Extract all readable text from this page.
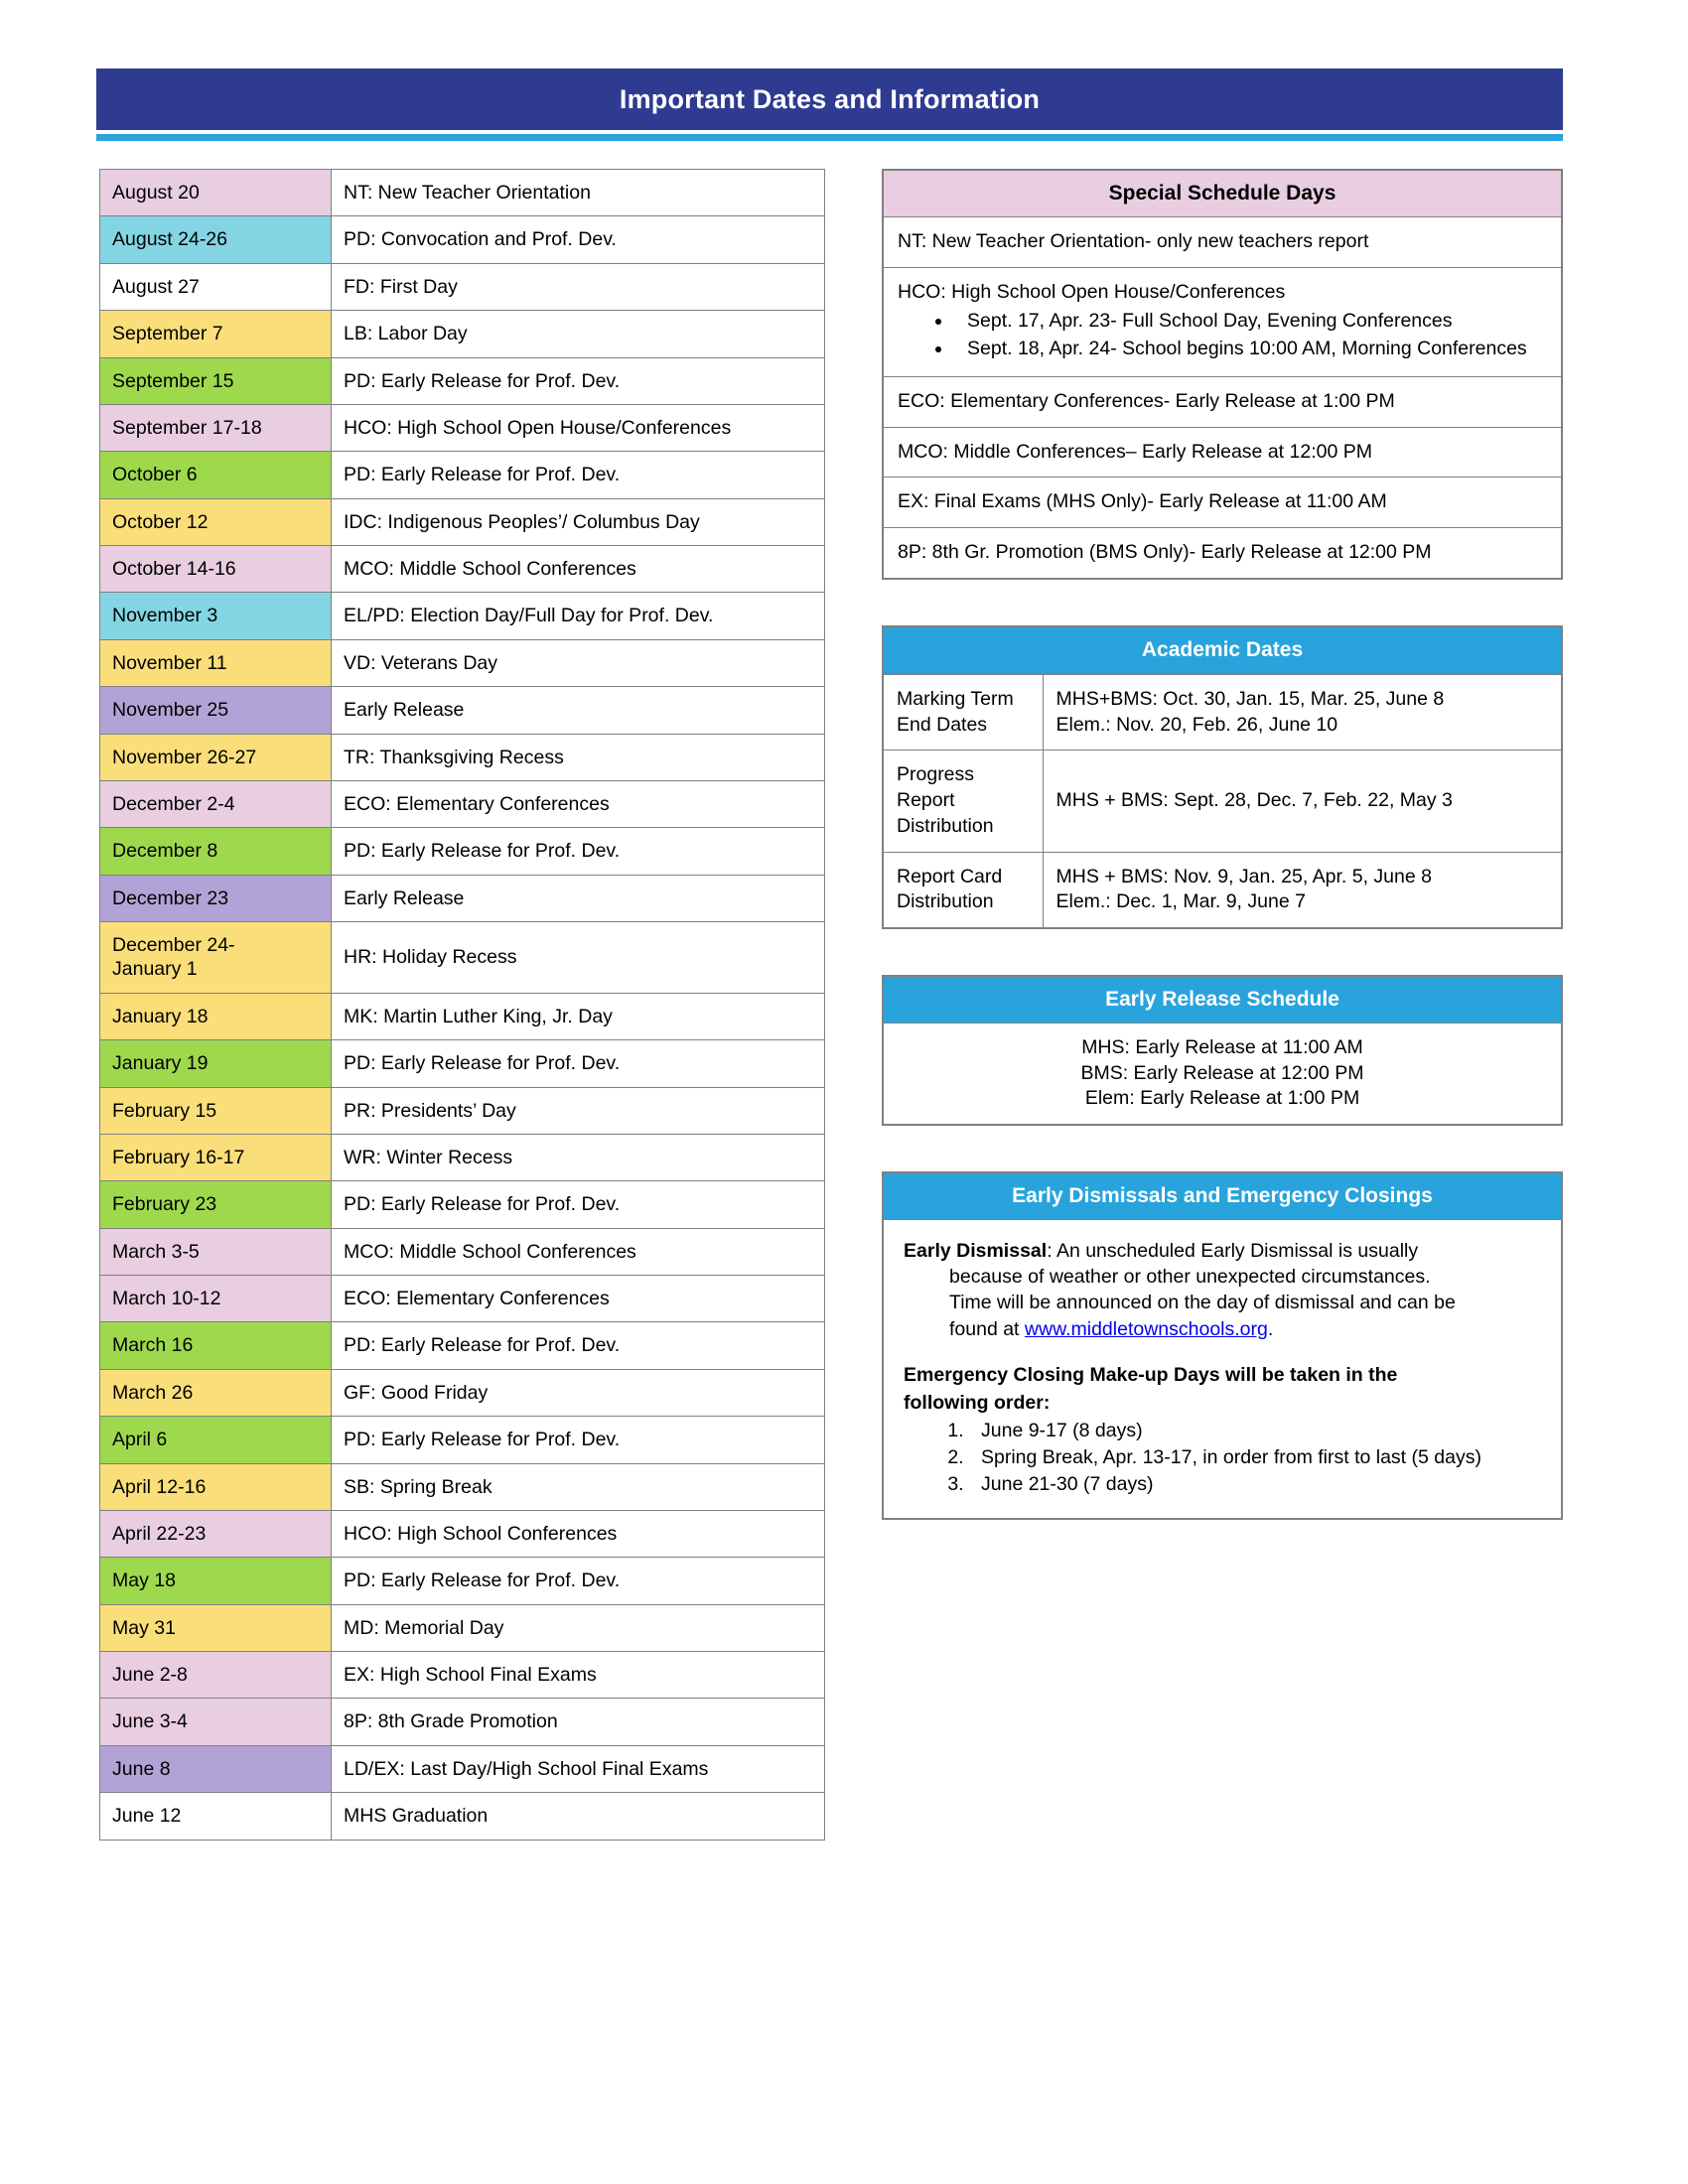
Important Dates and Information
August 20	NT: New Teacher Orientation
August 24-26	PD: Convocation and Prof. Dev.
August 27	FD: First Day
September 7	LB: Labor Day
September 15	PD: Early Release for Prof. Dev.
September 17-18	HCO: High School Open House/Conferences
October 6	PD: Early Release for Prof. Dev.
October 12	IDC: Indigenous Peoples’/ Columbus Day
October 14-16	MCO: Middle School Conferences
November 3	EL/PD: Election Day/Full Day for Prof. Dev.
November 11	VD: Veterans Day
November 25	Early Release
November 26-27	TR: Thanksgiving Recess
December 2-4	ECO: Elementary Conferences
December 8	PD: Early Release for Prof. Dev.
December 23	Early Release
December 24-
January 1	HR: Holiday Recess
January 18	MK: Martin Luther King, Jr. Day
January 19	PD: Early Release for Prof. Dev.
February 15	PR: Presidents’ Day
February 16-17	WR: Winter Recess
February 23	PD: Early Release for Prof. Dev.
March 3-5	MCO: Middle School Conferences
March 10-12	ECO: Elementary Conferences
March 16	PD: Early Release for Prof. Dev.
March 26	GF: Good Friday
April 6	PD: Early Release for Prof. Dev.
April 12-16	SB: Spring Break
April 22-23	HCO: High School Conferences
May 18	PD: Early Release for Prof. Dev.
May 31	MD: Memorial Day
June 2-8	EX: High School Final Exams
June 3-4	8P: 8th Grade Promotion
June 8	LD/EX: Last Day/High School Final Exams
June 12	MHS Graduation
Special Schedule Days
NT: New Teacher Orientation- only new teachers report
HCO: High School Open House/Conferences
• Sept. 17, Apr. 23- Full School Day, Evening Conferences
• Sept. 18, Apr. 24- School begins 10:00 AM, Morning Conferences
ECO: Elementary Conferences- Early Release at 1:00 PM
MCO: Middle Conferences– Early Release at 12:00 PM
EX: Final Exams (MHS Only)- Early Release at 11:00 AM
8P: 8th Gr. Promotion (BMS Only)- Early Release at 12:00 PM
Academic Dates
Marking Term End Dates	MHS+BMS: Oct. 30, Jan. 15, Mar. 25, June 8
Elem.: Nov. 20, Feb. 26, June 10
Progress Report Distribution	MHS + BMS: Sept. 28, Dec. 7, Feb. 22, May 3
Report Card Distribution	MHS + BMS: Nov. 9, Jan. 25, Apr. 5, June 8
Elem.: Dec. 1, Mar. 9, June 7
Early Release Schedule
MHS: Early Release at 11:00 AM
BMS: Early Release at 12:00 PM
Elem: Early Release at 1:00 PM
Early Dismissals and Emergency Closings
Early Dismissal: An unscheduled Early Dismissal is usually
because of weather or other unexpected circumstances.
Time will be announced on the day of dismissal and can be
found at www.middletownschools.org.
Emergency Closing Make-up Days will be taken in the
following order:
1. June 9-17 (8 days)
2. Spring Break, Apr. 13-17, in order from first to last (5 days)
3. June 21-30 (7 days)
